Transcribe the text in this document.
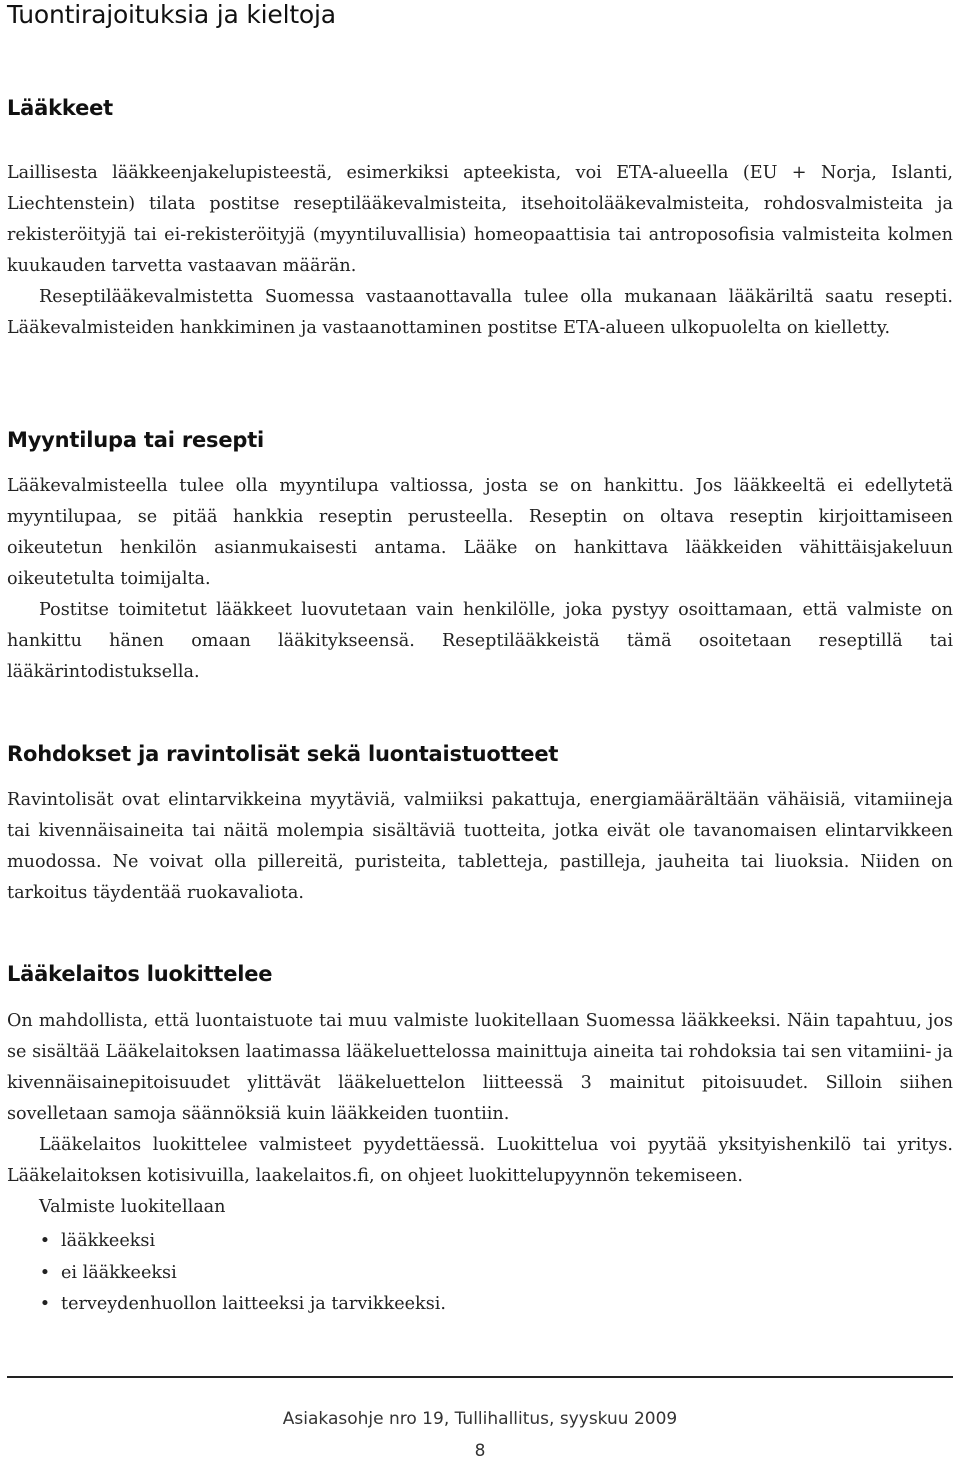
Tuontirajoituksia ja kieltoja
Lääkkeet

Laillisesta lääkkeenjakelupisteestä, esimerkiksi apteekista, voi ETA-alueella (EU + Norja, Islanti, Liechtenstein) tilata postitse reseptilääkevalmisteita, itsehoitolääkevalmisteita, rohdosvalmisteita ja rekisteröityjä tai ei-rekisteröityjä (myyntiluvallisia) homeopaattisia tai antroposofisia valmisteita kolmen kuukauden tarvetta vastaavan määrän.

Reseptilääkevalmistetta Suomessa vastaanottavalla tulee olla mukanaan lääkäriltä saatu resepti. Lääkevalmisteiden hankkiminen ja vastaanottaminen postitse ETA-alueen ulkopuolelta on kielletty.

Myyntilupa tai resepti

Lääkevalmisteella tulee olla myyntilupa valtiossa, josta se on hankittu. Jos lääkkeeltä ei edellytetä myyntilupaa, se pitää hankkia reseptin perusteella. Reseptin on oltava reseptin kirjoittamiseen oikeutetun henkilön asianmukaisesti antama. Lääke on hankittava lääkkeiden vähittäisjakeluun oikeutetulta toimijalta.

Postitse toimitetut lääkkeet luovutetaan vain henkilölle, joka pystyy osoittamaan, että valmiste on hankittu hänen omaan lääkitykseensä. Reseptilääkkeistä tämä osoitetaan reseptillä tai lääkärintodistuksella.

Rohdokset ja ravintolisät sekä luontaistuotteet

Ravintolisät ovat elintarvikkeina myytäviä, valmiiksi pakattuja, energiamäärältään vähäisiä, vitamiineja tai kivennäisaineita tai näitä molempia sisältäviä tuotteita, jotka eivät ole tavanomaisen elintarvikkeen muodossa. Ne voivat olla pillereitä, puristeita, tabletteja, pastilleja, jauheita tai liuoksia. Niiden on tarkoitus täydentää ruokavaliota.

Lääkelaitos luokittelee

On mahdollista, että luontaistuote tai muu valmiste luokitellaan Suomessa lääkkeeksi. Näin tapahtuu, jos se sisältää Lääkelaitoksen laatimassa lääkeluettelossa mainittuja aineita tai rohdoksia tai sen vitamiini- ja kivennäisainepitoisuudet ylittävät lääkeluettelon liitteessä 3 mainitut pitoisuudet. Silloin siihen sovelletaan samoja säännöksiä kuin lääkkeiden tuontiin.

Lääkelaitos luokittelee valmisteet pyydettäessä. Luokittelua voi pyytää yksityishenkilö tai yritys. Lääkelaitoksen kotisivuilla, laakelaitos.fi, on ohjeet luokittelupyynnön tekemiseen.

Valmiste luokitellaan

• lääkkeeksi
• ei lääkkeeksi
• terveydenhuollon laitteeksi ja tarvikkeeksi.
Asiakasohje nro 19, Tullihallitus, syyskuu 2009
8
